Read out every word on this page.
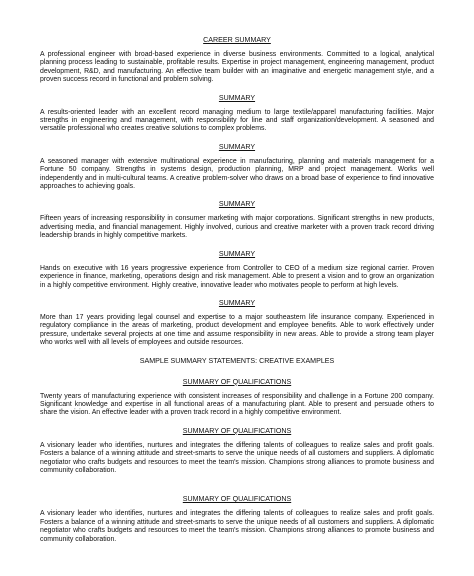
CAREER SUMMARY

A professional engineer with broad-based experience in diverse business environments. Committed to a logical, analytical planning process leading to sustainable, profitable results. Expertise in project management, engineering management, product development, R&D, and manufacturing. An effective team builder with an imaginative and energetic management style, and a proven success record in functional and problem solving.

SUMMARY

A results-oriented leader with an excellent record managing medium to large textile/apparel manufacturing facilities. Major strengths in engineering and management, with responsibility for line and staff organization/development. A seasoned and versatile professional who creates creative solutions to complex problems.

SUMMARY

A seasoned manager with extensive multinational experience in manufacturing, planning and materials management for a Fortune 50 company. Strengths in systems design, production planning, MRP and project management. Works well independently and in multi-cultural teams. A creative problem-solver who draws on a broad base of experience to find innovative approaches to achieving goals.

SUMMARY

Fifteen years of increasing responsibility in consumer marketing with major corporations. Significant strengths in new products, advertising media, and financial management. Highly involved, curious and creative marketer with a proven track record driving leadership brands in highly competitive markets.

SUMMARY

Hands on executive with 16 years progressive experience from Controller to CEO of a medium size regional carrier. Proven experience in finance, marketing, operations design and risk management. Able to present a vision and to grow an organization in a highly competitive environment. Highly creative, innovative leader who motivates people to perform at high levels.

SUMMARY

More than 17 years providing legal counsel and expertise to a major southeastern life insurance company. Experienced in regulatory compliance in the areas of marketing, product development and employee benefits. Able to work effectively under pressure, undertake several projects at one time and assume responsibility in new areas. Able to provide a strong team player who works well with all levels of employees and outside resources.

SAMPLE SUMMARY STATEMENTS: CREATIVE EXAMPLES
SUMMARY OF QUALIFICATIONS

Twenty years of manufacturing experience with consistent increases of responsibility and challenge in a Fortune 200 company. Significant knowledge and expertise in all functional areas of a manufacturing plant. Able to present and persuade others to share the vision. An effective leader with a proven track record in a highly competitive environment.

SUMMARY OF QUALIFICATIONS

A visionary leader who identifies, nurtures and integrates the differing talents of colleagues to realize sales and profit goals. Fosters a balance of a winning attitude and street-smarts to serve the unique needs of all customers and suppliers. A diplomatic negotiator who crafts budgets and resources to meet the team's mission. Champions strong alliances to promote business and community collaboration.

SUMMARY OF QUALIFICATIONS

A visionary leader who identifies, nurtures and integrates the differing talents of colleagues to realize sales and profit goals. Fosters a balance of a winning attitude and street-smarts to serve the unique needs of all customers and suppliers. A diplomatic negotiator who crafts budgets and resources to meet the team's mission. Champions strong alliances to promote business and community collaboration.
